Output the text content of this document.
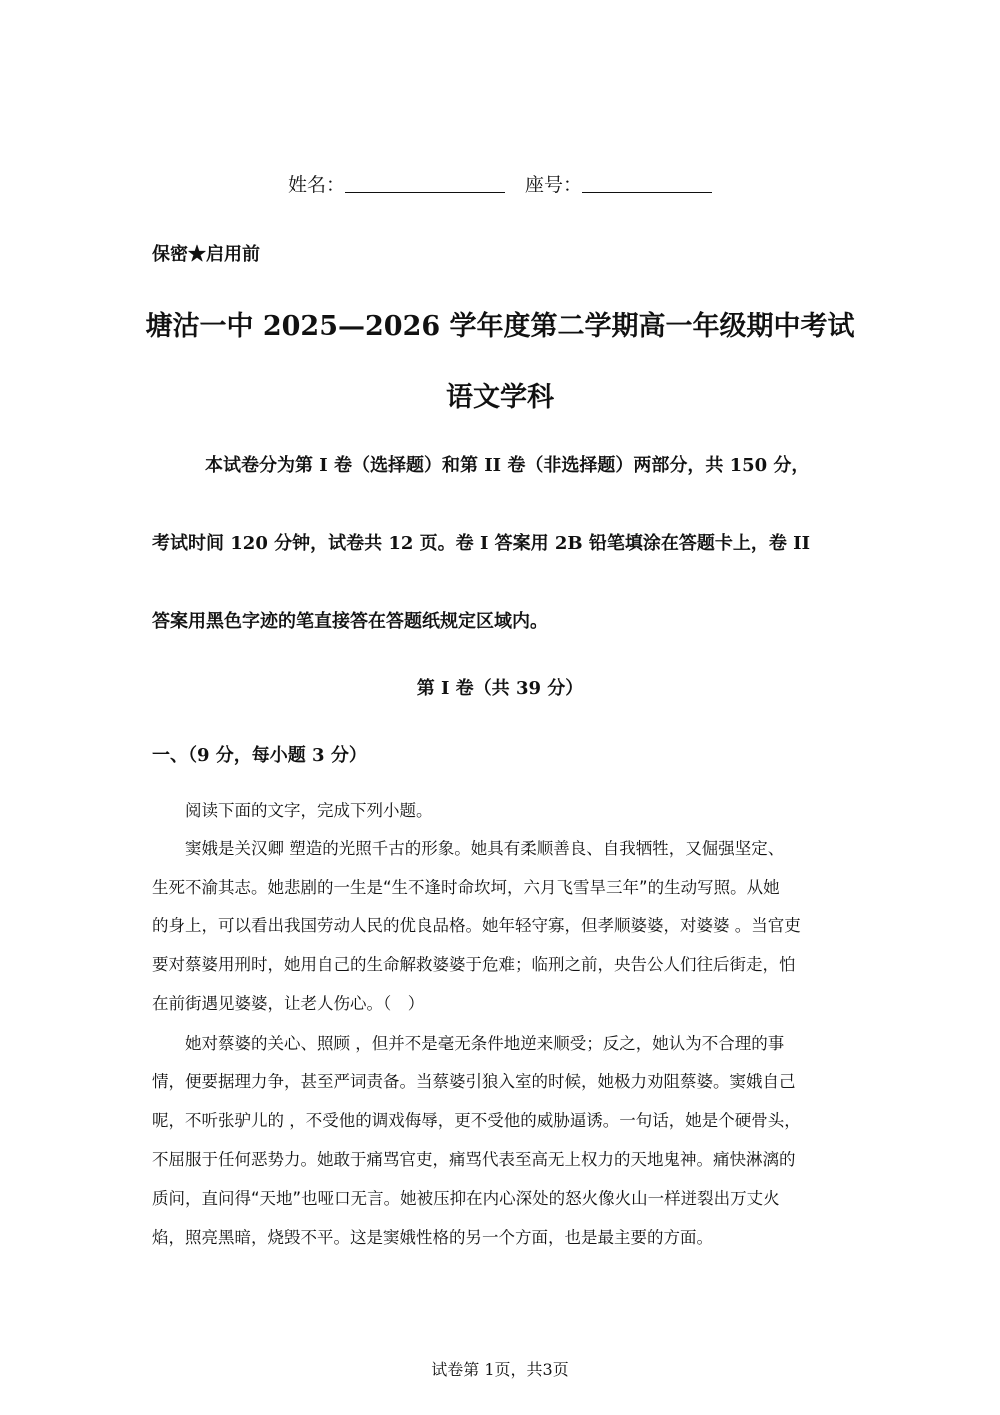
姓名：	座号：
保密★启用前
塘沽一中 2025—2026 学年度第二学期高一年级期中考试
语文学科
本试卷分为第 I 卷（选择题）和第 II 卷（非选择题）两部分，共 150 分，
考试时间 120 分钟，试卷共 12 页。卷 I 答案用 2B 铅笔填涂在答题卡上，卷 II
答案用黑色字迹的笔直接答在答题纸规定区域内。
第 I 卷（共 39 分）
一、（9 分，每小题 3 分）
　　阅读下面的文字，完成下列小题。
　　窦娥是关汉卿 塑造的光照千古的形象。她具有柔顺善良、自我牺牲，又倔强坚定、
生死不渝其志。她悲剧的一生是“生不逢时命坎坷，六月飞雪旱三年”的生动写照。从她
的身上，可以看出我国劳动人民的优良品格。她年轻守寡，但孝顺婆婆，对婆婆 。当官吏
要对蔡婆用刑时，她用自己的生命解救婆婆于危难；临刑之前，央告公人们往后街走，怕
在前街遇见婆婆，让老人伤心。（　）
　　她对蔡婆的关心、照顾 ，但并不是毫无条件地逆来顺受；反之，她认为不合理的事
情，便要据理力争，甚至严词责备。当蔡婆引狼入室的时候，她极力劝阻蔡婆。窦娥自己
呢，不听张驴儿的 ，不受他的调戏侮辱，更不受他的威胁逼诱。一句话，她是个硬骨头，
不屈服于任何恶势力。她敢于痛骂官吏，痛骂代表至高无上权力的天地鬼神。痛快淋漓的
质问，直问得“天地”也哑口无言。她被压抑在内心深处的怒火像火山一样迸裂出万丈火
焰，照亮黑暗，烧毁不平。这是窦娥性格的另一个方面，也是最主要的方面。
试卷第 1页，共3页
